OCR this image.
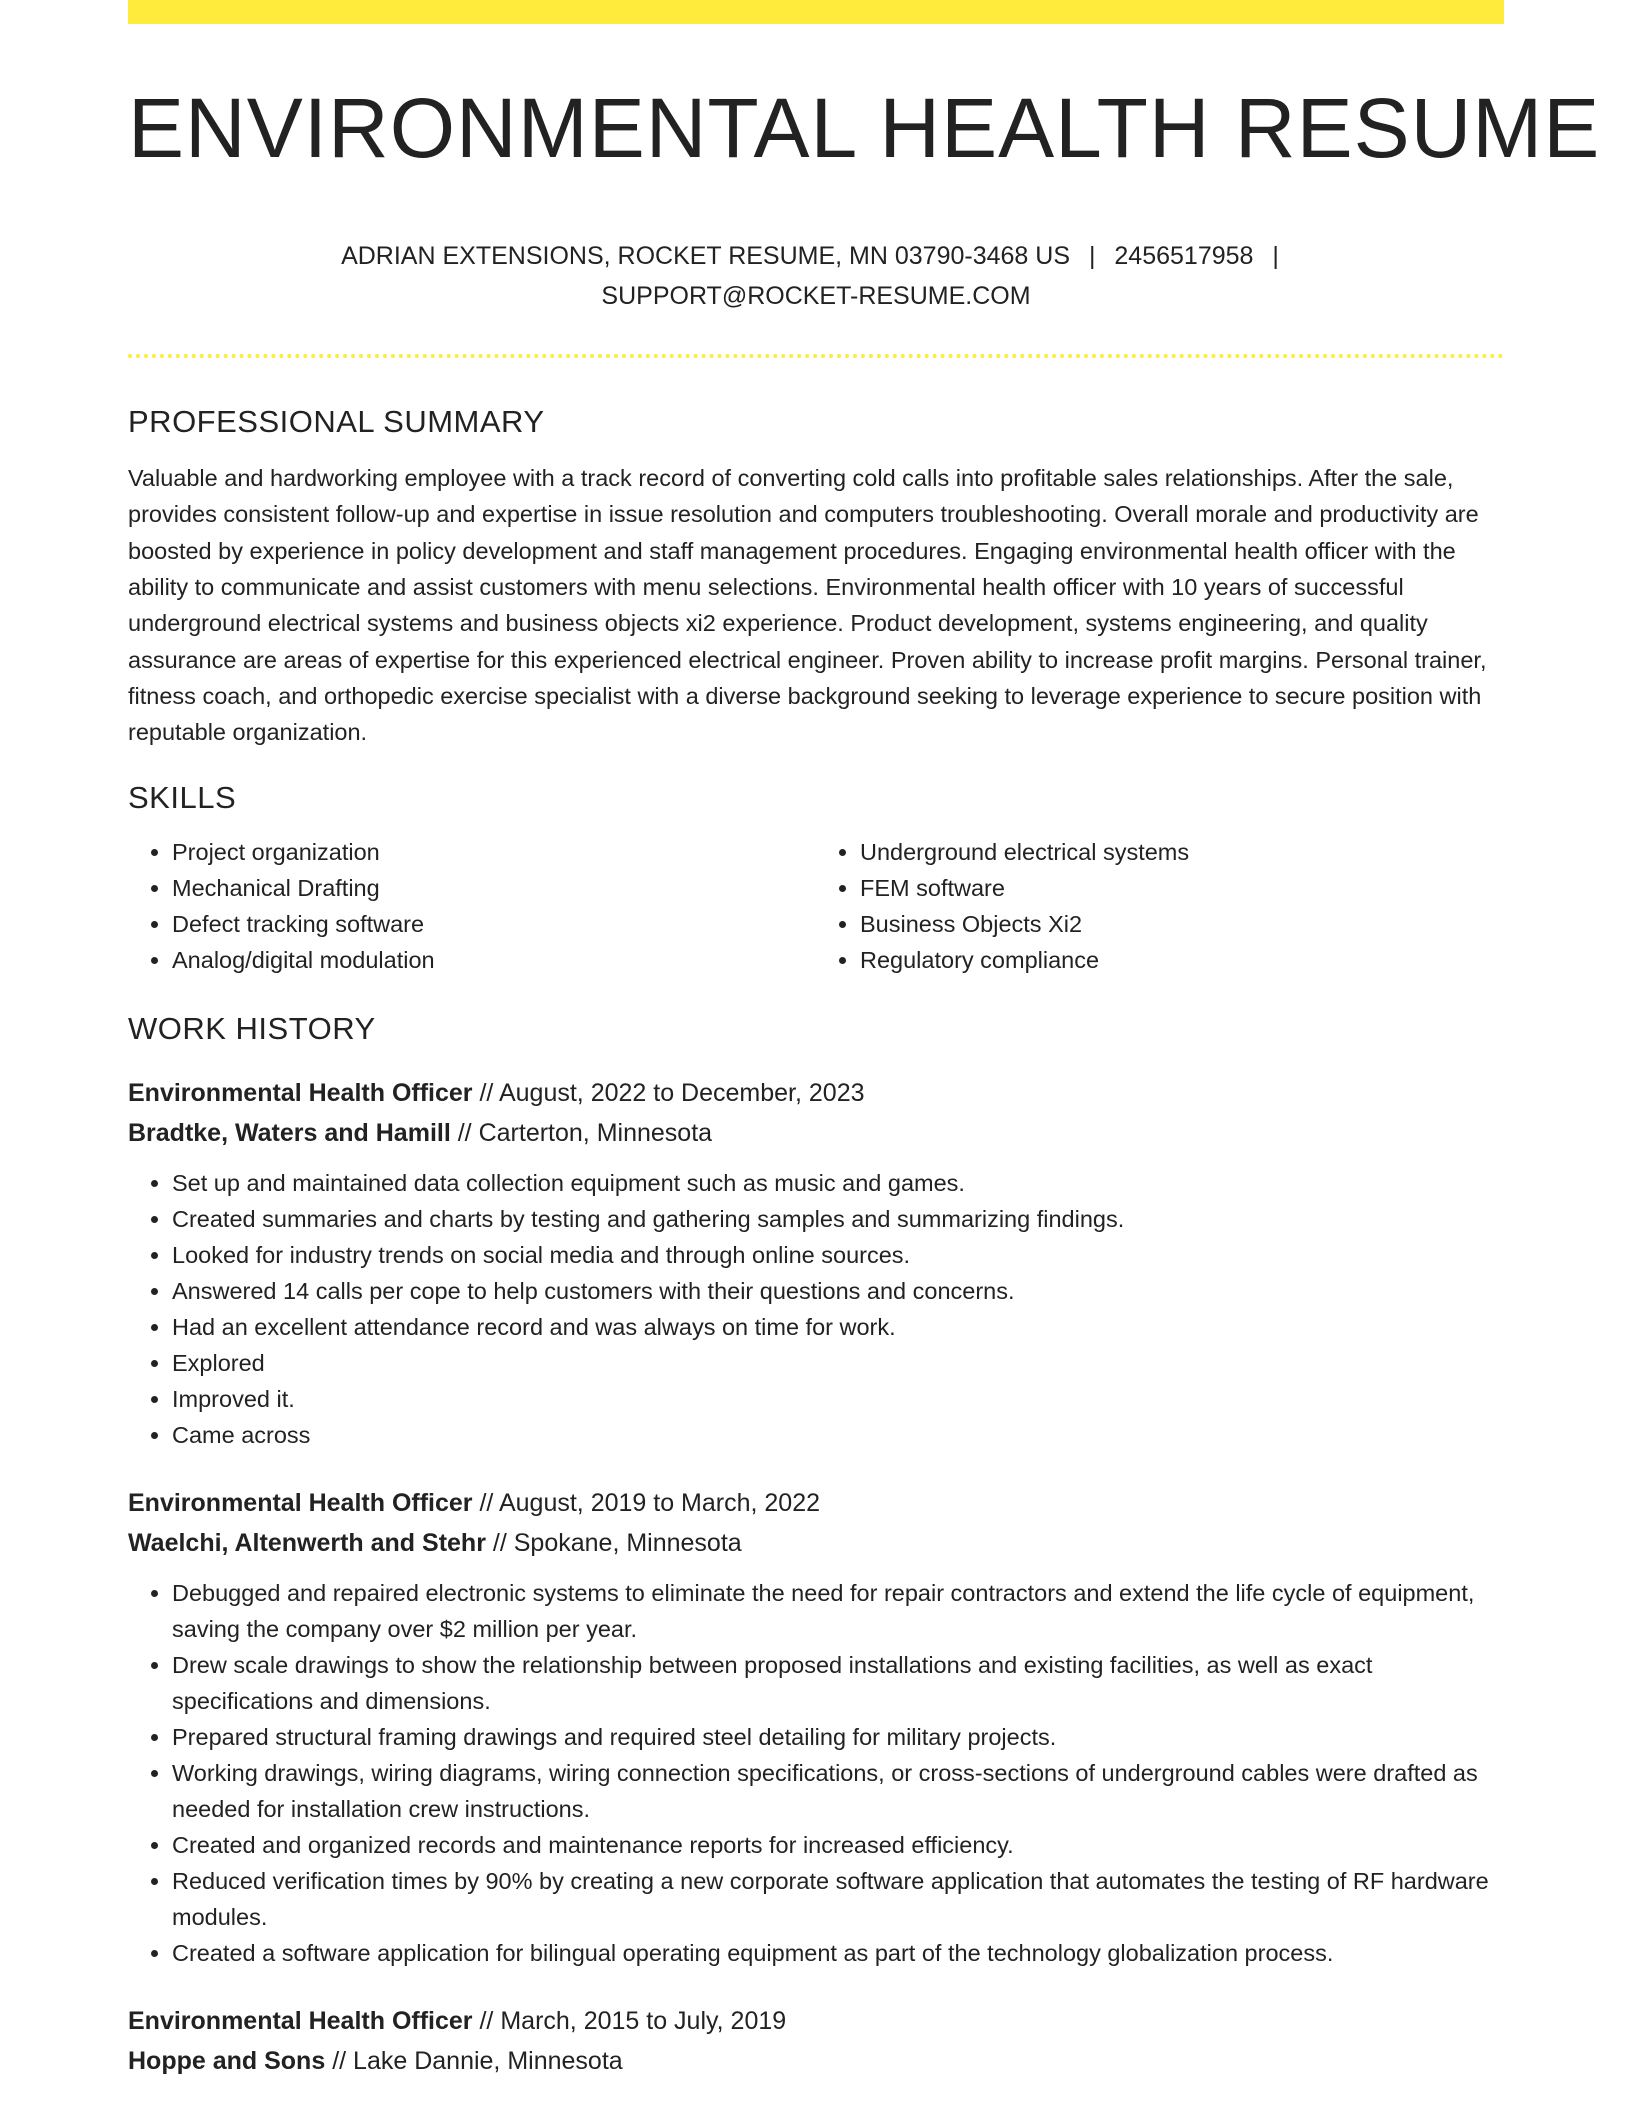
ENVIRONMENTAL HEALTH RESUME
ADRIAN EXTENSIONS, ROCKET RESUME, MN 03790-3468 US | 2456517958 | SUPPORT@ROCKET-RESUME.COM
PROFESSIONAL SUMMARY
Valuable and hardworking employee with a track record of converting cold calls into profitable sales relationships. After the sale, provides consistent follow-up and expertise in issue resolution and computers troubleshooting. Overall morale and productivity are boosted by experience in policy development and staff management procedures. Engaging environmental health officer with the ability to communicate and assist customers with menu selections. Environmental health officer with 10 years of successful underground electrical systems and business objects xi2 experience. Product development, systems engineering, and quality assurance are areas of expertise for this experienced electrical engineer. Proven ability to increase profit margins. Personal trainer, fitness coach, and orthopedic exercise specialist with a diverse background seeking to leverage experience to secure position with reputable organization.
SKILLS
• Project organization
• Mechanical Drafting
• Defect tracking software
• Analog/digital modulation
• Underground electrical systems
• FEM software
• Business Objects Xi2
• Regulatory compliance
WORK HISTORY
Environmental Health Officer // August, 2022 to December, 2023
Bradtke, Waters and Hamill // Carterton, Minnesota
• Set up and maintained data collection equipment such as music and games.
• Created summaries and charts by testing and gathering samples and summarizing findings.
• Looked for industry trends on social media and through online sources.
• Answered 14 calls per cope to help customers with their questions and concerns.
• Had an excellent attendance record and was always on time for work.
• Explored
• Improved it.
• Came across
Environmental Health Officer // August, 2019 to March, 2022
Waelchi, Altenwerth and Stehr // Spokane, Minnesota
• Debugged and repaired electronic systems to eliminate the need for repair contractors and extend the life cycle of equipment, saving the company over $2 million per year.
• Drew scale drawings to show the relationship between proposed installations and existing facilities, as well as exact specifications and dimensions.
• Prepared structural framing drawings and required steel detailing for military projects.
• Working drawings, wiring diagrams, wiring connection specifications, or cross-sections of underground cables were drafted as needed for installation crew instructions.
• Created and organized records and maintenance reports for increased efficiency.
• Reduced verification times by 90% by creating a new corporate software application that automates the testing of RF hardware modules.
• Created a software application for bilingual operating equipment as part of the technology globalization process.
Environmental Health Officer // March, 2015 to July, 2019
Hoppe and Sons // Lake Dannie, Minnesota
